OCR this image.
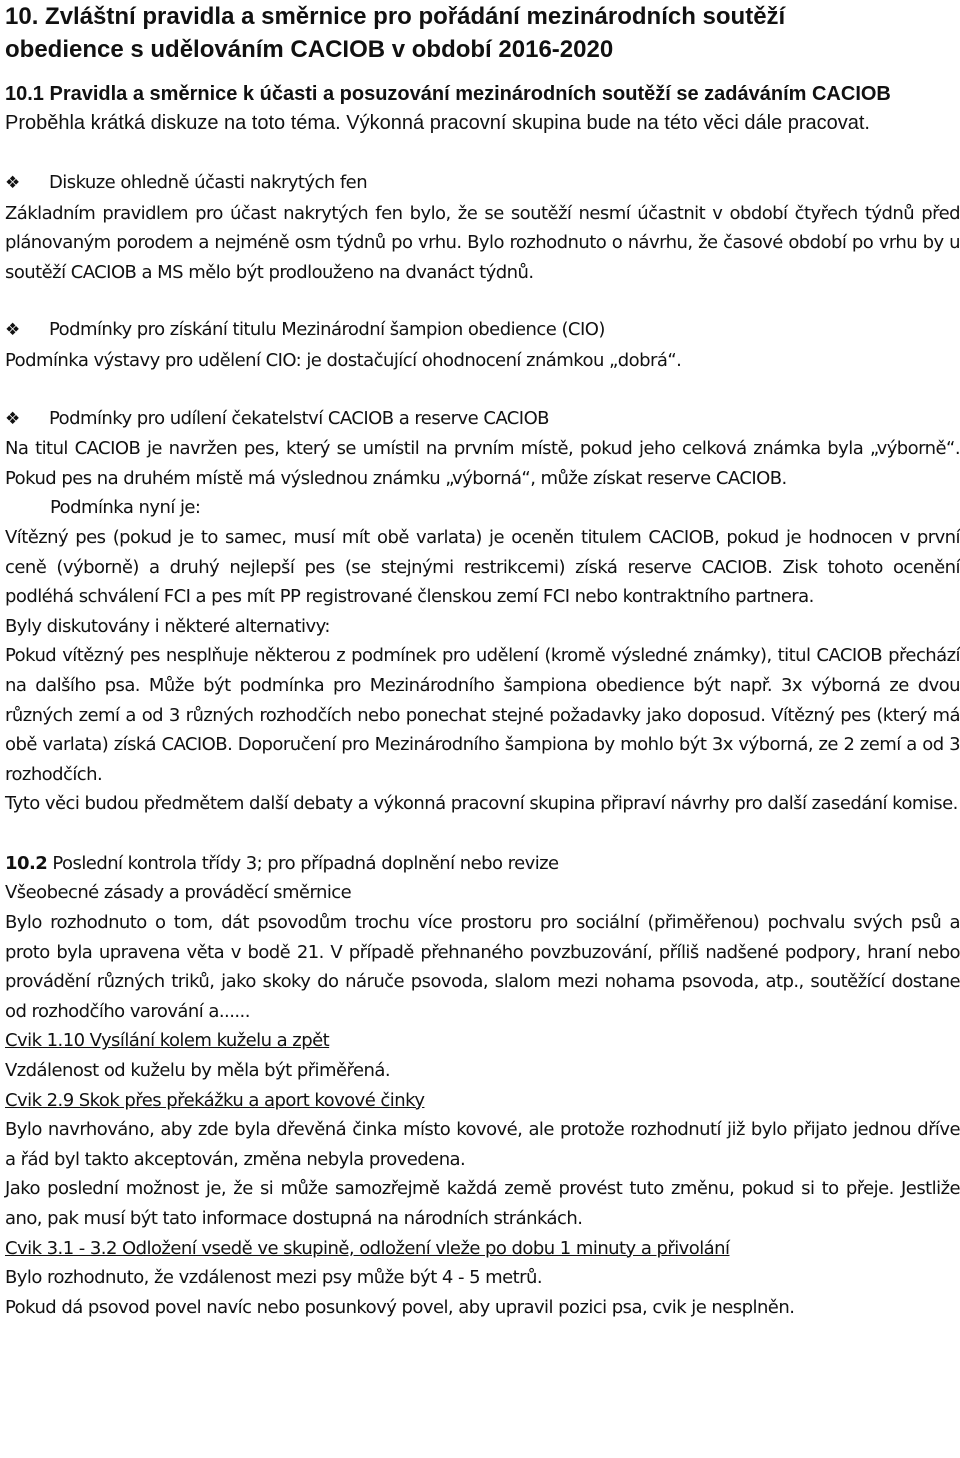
10. Zvláštní pravidla a směrnice pro pořádání mezinárodních soutěží
obedience s udělováním CACIOB v období 2016-2020
10.1 Pravidla a směrnice k účasti a posuzování mezinárodních soutěží se zadáváním CACIOB

Proběhla krátká diskuze na toto téma. Výkonná pracovní skupina bude na této věci dále pracovat.

❖ Diskuze ohledně účasti nakrytých fen

Základním pravidlem pro účast nakrytých fen bylo, že se soutěží nesmí účastnit v období čtyřech týdnů před plánovaným porodem a nejméně osm týdnů po vrhu. Bylo rozhodnuto o návrhu, že časové období po vrhu by u soutěží CACIOB a MS mělo být prodlouženo na dvanáct týdnů.

❖ Podmínky pro získání titulu Mezinárodní šampion obedience (CIO)

Podmínka výstavy pro udělení CIO: je dostačující ohodnocení známkou „dobrá“.

❖ Podmínky pro udílení čekatelství CACIOB a reserve CACIOB

Na titul CACIOB je navržen pes, který se umístil na prvním místě, pokud jeho celková známka byla „výborně“. Pokud pes na druhém místě má výslednou známku „výborná“, může získat reserve CACIOB.

Podmínka nyní je:

Vítězný pes (pokud je to samec, musí mít obě varlata) je oceněn titulem CACIOB, pokud je hodnocen v první ceně (výborně) a druhý nejlepší pes (se stejnými restrikcemi) získá reserve CACIOB. Zisk tohoto ocenění podléhá schválení FCI a pes mít PP registrované členskou zemí FCI nebo kontraktního partnera.

Byly diskutovány i některé alternativy:

Pokud vítězný pes nesplňuje některou z podmínek pro udělení (kromě výsledné známky), titul CACIOB přechází na dalšího psa. Může být podmínka pro Mezinárodního šampiona obedience být např. 3x výborná ze dvou různých zemí a od 3 různých rozhodčích nebo ponechat stejné požadavky jako doposud. Vítězný pes (který má obě varlata) získá CACIOB. Doporučení pro Mezinárodního šampiona by mohlo být 3x výborná, ze 2 zemí a od 3 rozhodčích.

Tyto věci budou předmětem další debaty a výkonná pracovní skupina připraví návrhy pro další zasedání komise.

10.2 Poslední kontrola třídy 3; pro případná doplnění nebo revize

Všeobecné zásady a prováděcí směrnice

Bylo rozhodnuto o tom, dát psovodům trochu více prostoru pro sociální (přiměřenou) pochvalu svých psů a proto byla upravena věta v bodě 21. V případě přehnaného povzbuzování, příliš nadšené podpory, hraní nebo provádění různých triků, jako skoky do náruče psovoda, slalom mezi nohama psovoda, atp., soutěžící dostane od rozhodčího varování a......

Cvik 1.10 Vysílání kolem kuželu a zpět

Vzdálenost od kuželu by měla být přiměřená.

Cvik 2.9 Skok přes překážku a aport kovové činky

Bylo navrhováno, aby zde byla dřevěná činka místo kovové, ale protože rozhodnutí již bylo přijato jednou dříve a řád byl takto akceptován, změna nebyla provedena.

Jako poslední možnost je, že si může samozřejmě každá země provést tuto změnu, pokud si to přeje. Jestliže ano, pak musí být tato informace dostupná na národních stránkách.

Cvik 3.1 - 3.2 Odložení vsedě ve skupině, odložení vleže po dobu 1 minuty a přivolání

Bylo rozhodnuto, že vzdálenost mezi psy může být 4 - 5 metrů.

Pokud dá psovod povel navíc nebo posunkový povel, aby upravil pozici psa, cvik je nesplněn.
